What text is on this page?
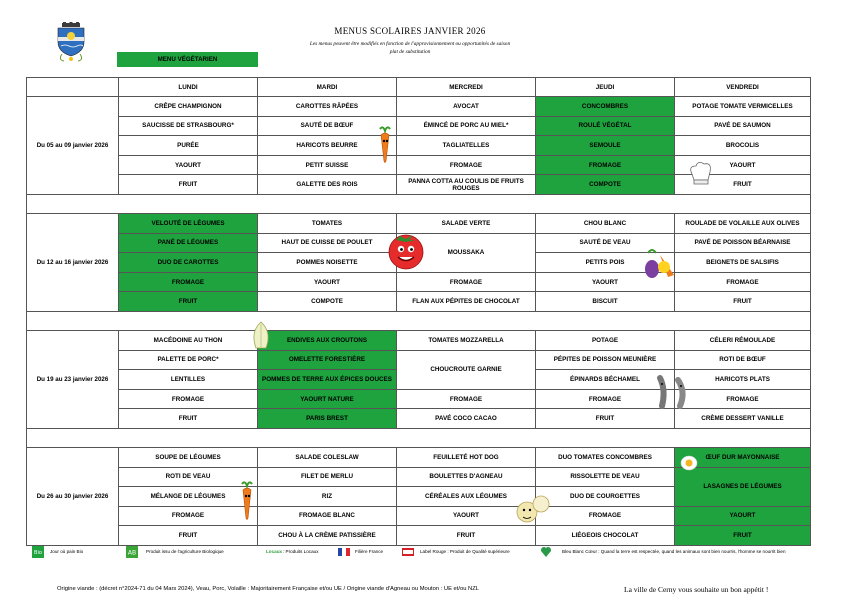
MENUS SCOLAIRES JANVIER 2026
Les menus peuvent être modifiés en fonction de l'approvisionnement ou opportunités de saison
plat de substitution
MENU VÉGÉTARIEN
	LUNDI	MARDI	MERCREDI	JEUDI	VENDREDI
Du 05 au 09 janvier 2026	CRÊPE CHAMPIGNON	CAROTTES RÂPÉES	AVOCAT	CONCOMBRES	POTAGE TOMATE VERMICELLES
	SAUCISSE DE STRASBOURG*	SAUTÉ DE BŒUF	ÉMINCÉ DE PORC AU MIEL*	ROULÉ VÉGÉTAL	PAVÉ DE SAUMON
	PURÉE	HARICOTS BEURRE	TAGLIATELLES	SEMOULE	BROCOLIS
	YAOURT	PETIT SUISSE	FROMAGE	FROMAGE	YAOURT
	FRUIT	GALETTE DES ROIS	PANNA COTTA AU COULIS DE FRUITS ROUGES	COMPOTE	FRUIT

Du 12 au 16 janvier 2026	VELOUTÉ DE LÉGUMES	TOMATES	SALADE VERTE	CHOU BLANC	ROULADE DE VOLAILLE AUX OLIVES
	PANÉ DE LÉGUMES	HAUT DE CUISSE DE POULET	MOUSSAKA	SAUTÉ DE VEAU	PAVÉ DE POISSON BÉARNAISE
	DUO DE CAROTTES	POMMES NOISETTE		PETITS POIS	BEIGNETS DE SALSIFIS
	FROMAGE	YAOURT	FROMAGE	YAOURT	FROMAGE
	FRUIT	COMPOTE	FLAN AUX PÉPITES DE CHOCOLAT	BISCUIT	FRUIT

Du 19 au 23 janvier 2026	MACÉDOINE AU THON	ENDIVES AUX CROUTONS	TOMATES MOZZARELLA	POTAGE	CÉLERI RÉMOULADE
	PALETTE DE PORC*	OMELETTE FORESTIÈRE	CHOUCROUTE GARNIE	PÉPITES DE POISSON MEUNIÈRE	ROTI DE BŒUF
	LENTILLES	POMMES DE TERRE AUX ÉPICES DOUCES		ÉPINARDS BÉCHAMEL	HARICOTS PLATS
	FROMAGE	YAOURT NATURE	FROMAGE	FROMAGE	FROMAGE
	FRUIT	PARIS BREST	PAVÉ COCO CACAO	FRUIT	CRÈME DESSERT VANILLE

Du 26 au 30 janvier 2026	SOUPE DE LÉGUMES	SALADE COLESLAW	FEUILLETÉ HOT DOG	DUO TOMATES CONCOMBRES	ŒUF DUR MAYONNAISE
	ROTI DE VEAU	FILET DE MERLU	BOULETTES D'AGNEAU	RISSOLETTE DE VEAU	LASAGNES DE LÉGUMES
	MÉLANGE DE LÉGUMES	RIZ	CÉRÉALES AUX LÉGUMES	DUO DE COURGETTES	
	FROMAGE	FROMAGE BLANC	YAOURT	FROMAGE	YAOURT
	FRUIT	CHOU À LA CRÈME PATISSIÈRE	FRUIT	LIÉGEOIS CHOCOLAT	FRUIT
Bio Jour où pain Bio	AB Produit issu de l'agriculture Biologique	Locaux : Produits Locaux	Filière France	Label Rouge : Produit de Qualité supérieure	Bleu Blanc Cœur : Quand la terre est respectée, quand les animaux sont bien nourris, l'homme se nourrit bien
Origine viande : (décret n°2024-71 du 04 Mars 2024), Veau, Porc, Volaille : Majoritairement Française et/ou UE / Origine viande d'Agneau ou Mouton : UE et/ou NZL	La ville de Cerny vous souhaite un bon appétit !
